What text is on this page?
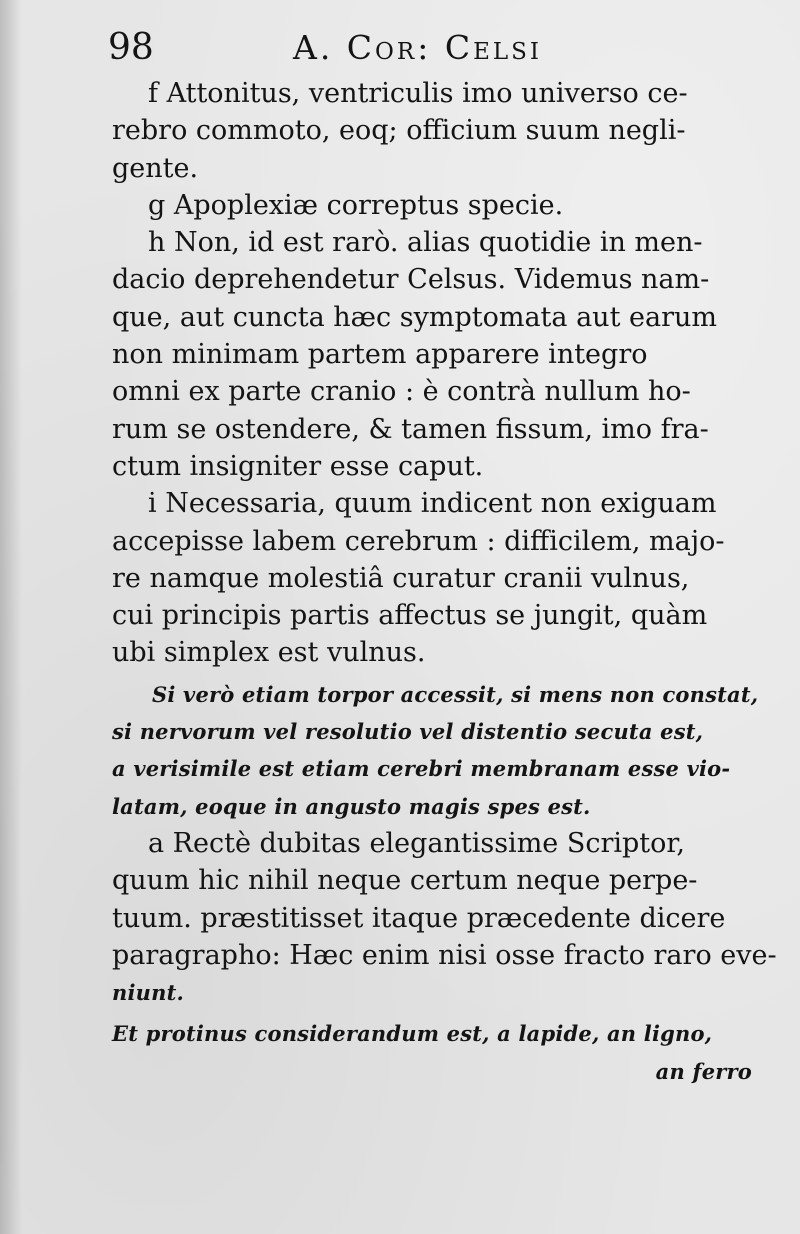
98	A. Cor: Celsi
f Attonitus, ventriculis imo universo ce-
rebro commoto, eoq; officium suum negli-
gente.
g Apoplexiæ correptus specie.
h Non, id est rarò. alias quotidie in men-
dacio deprehendetur Celsus. Videmus nam-
que, aut cuncta hæc symptomata aut earum
non minimam partem apparere integro
omni ex parte cranio : è contrà nullum ho-
rum se ostendere, & tamen fissum, imo fra-
ctum insigniter esse caput.
i Necessaria, quum indicent non exiguam
accepisse labem cerebrum : difficilem, majo-
re namque molestiâ curatur cranii vulnus,
cui principis partis affectus se jungit, quàm
ubi simplex est vulnus.
Si verò etiam torpor accessit, si mens non constat,
si nervorum vel resolutio vel distentio secuta est,
a verisimile est etiam cerebri membranam esse vio-
latam, eoque in angusto magis spes est.
a Rectè dubitas elegantissime Scriptor,
quum hic nihil neque certum neque perpe-
tuum. præstitisset itaque præcedente dicere
paragrapho: Hæc enim nisi osse fracto raro eve-
niunt.
Et protinus considerandum est, a lapide, an ligno,
an ferro
